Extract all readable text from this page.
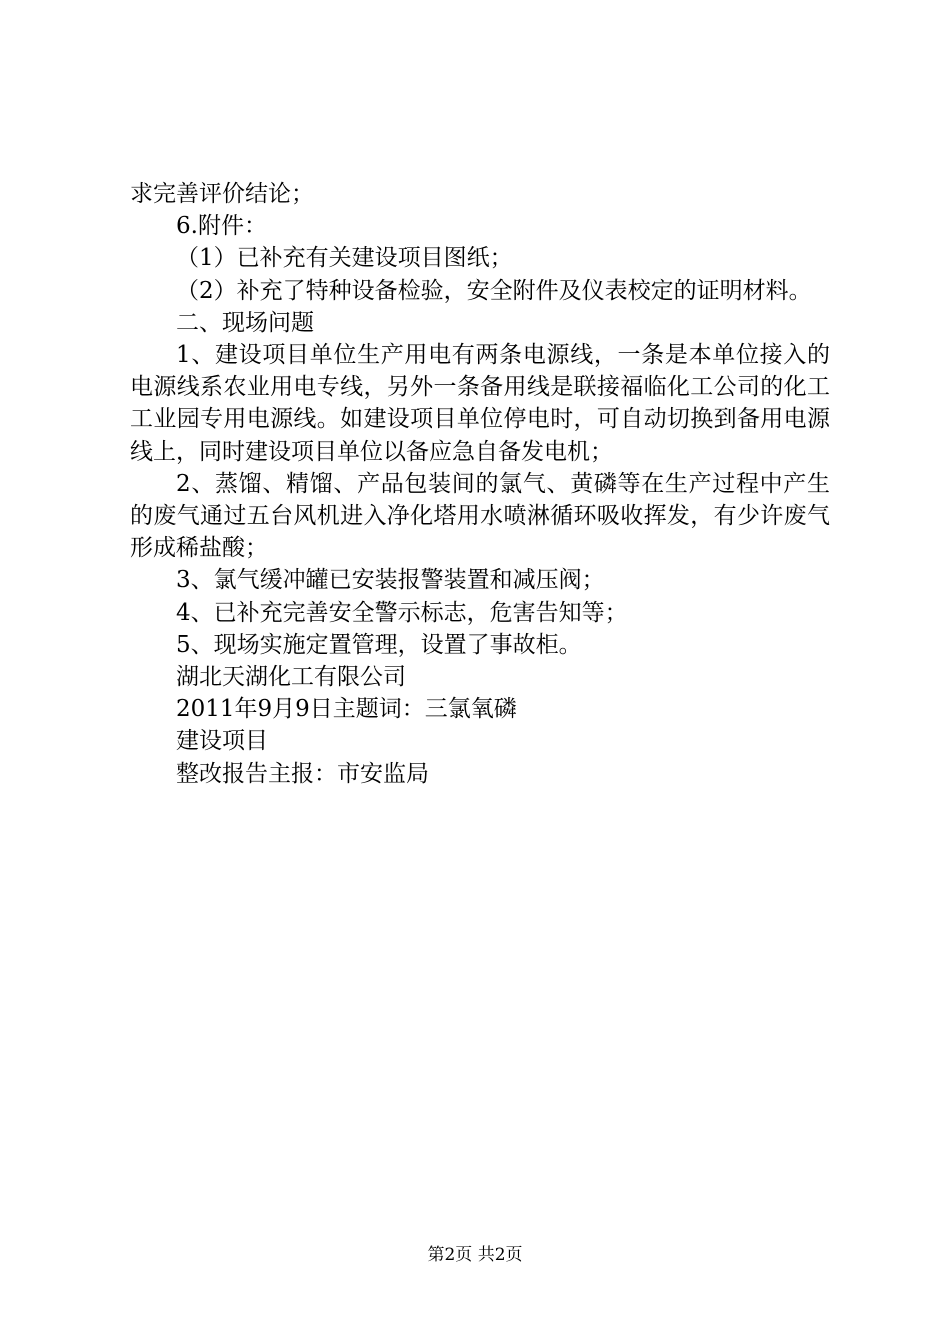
求完善评价结论；

6.附件：

（1）已补充有关建设项目图纸；

（2）补充了特种设备检验，安全附件及仪表校定的证明材料。

二、现场问题

1、建设项目单位生产用电有两条电源线，一条是本单位接入的电源线系农业用电专线，另外一条备用线是联接福临化工公司的化工工业园专用电源线。如建设项目单位停电时，可自动切换到备用电源线上，同时建设项目单位以备应急自备发电机；

2、蒸馏、精馏、产品包装间的氯气、黄磷等在生产过程中产生的废气通过五台风机进入净化塔用水喷淋循环吸收挥发，有少许废气形成稀盐酸；

3、氯气缓冲罐已安装报警装置和减压阀；

4、已补充完善安全警示标志，危害告知等；

5、现场实施定置管理，设置了事故柜。

湖北天湖化工有限公司

2011年9月9日主题词：三氯氧磷

建设项目

整改报告主报：市安监局

第2页 共2页
